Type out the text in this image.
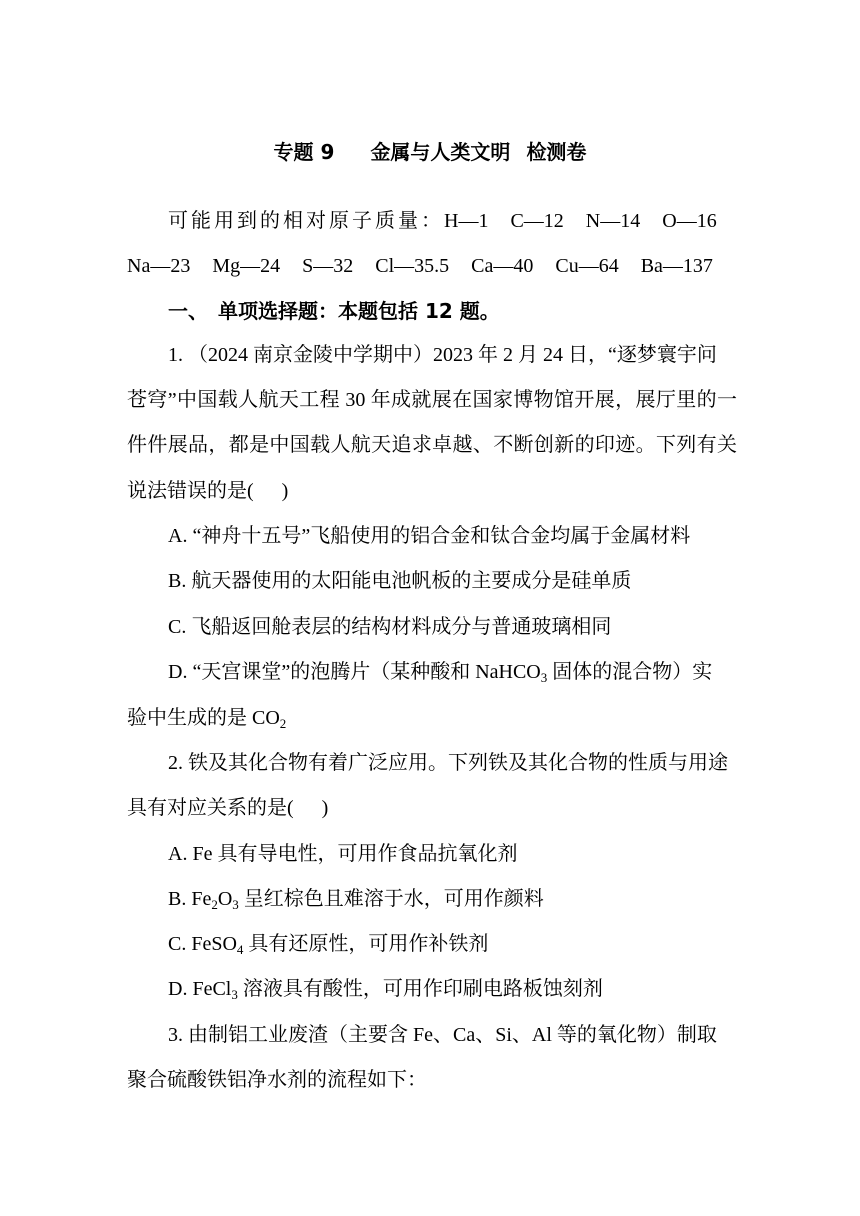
专题 9 金属与人类文明 检测卷
可能用到的相对原子质量：H—1 C—12 N—14 O—16
Na—23 Mg—24 S—32 Cl—35.5 Ca—40 Cu—64 Ba—137
一、 单项选择题：本题包括 12 题。
1. （2024 南京金陵中学期中）2023 年 2 月 24 日，“逐梦寰宇问
苍穹”中国载人航天工程 30 年成就展在国家博物馆开展，展厅里的一
件件展品，都是中国载人航天追求卓越、不断创新的印迹。下列有关
说法错误的是( )
A. “神舟十五号”飞船使用的铝合金和钛合金均属于金属材料
B. 航天器使用的太阳能电池帆板的主要成分是硅单质
C. 飞船返回舱表层的结构材料成分与普通玻璃相同
D. “天宫课堂”的泡腾片（某种酸和 NaHCO$_3$ 固体的混合物）实
验中生成的是 $CO_2$
2. 铁及其化合物有着广泛应用。下列铁及其化合物的性质与用途
具有对应关系的是( )
A. Fe 具有导电性，可用作食品抗氧化剂
B. $Fe_2O_3$ 呈红棕色且难溶于水，可用作颜料
C. FeSO$_4$ 具有还原性，可用作补铁剂
D. FeCl$_3$ 溶液具有酸性，可用作印刷电路板蚀刻剂
3. 由制铝工业废渣（主要含 Fe、Ca、Si、Al 等的氧化物）制取
聚合硫酸铁铝净水剂的流程如下：
